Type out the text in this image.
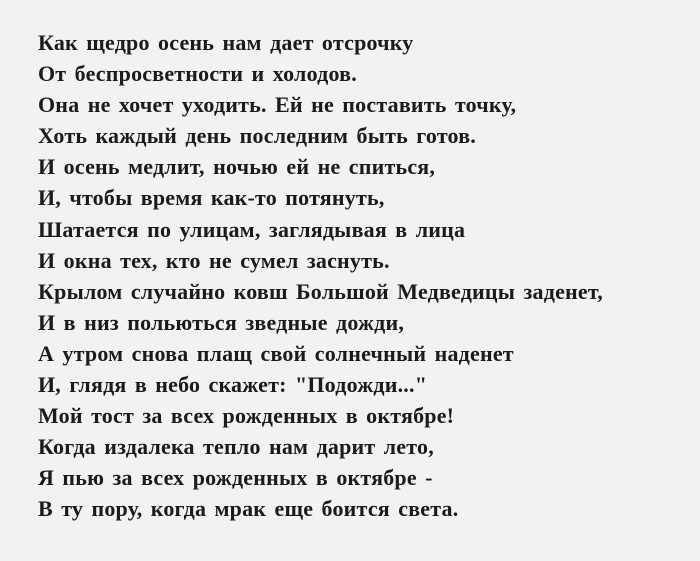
Как щедро осень нам дает отсрочку
От беспросветности и холодов.
Она не хочет уходить. Ей не поставить точку,
Хоть каждый день последним быть готов.
И осень медлит, ночью ей не спиться,
И, чтобы время как-то потянуть,
Шатается по улицам, заглядывая в лица
И окна тех, кто не сумел заснуть.
Крылом случайно ковш Большой Медведицы заденет,
И в низ польються зведные дожди,
А утром снова плащ свой солнечный наденет
И, глядя в небо скажет: "Подожди..."
Мой тост за всех рожденных в октябре!
Когда издалека тепло нам дарит лето,
Я пью за всех рожденных в октябре -
В ту пору, когда мрак еще боится света.
